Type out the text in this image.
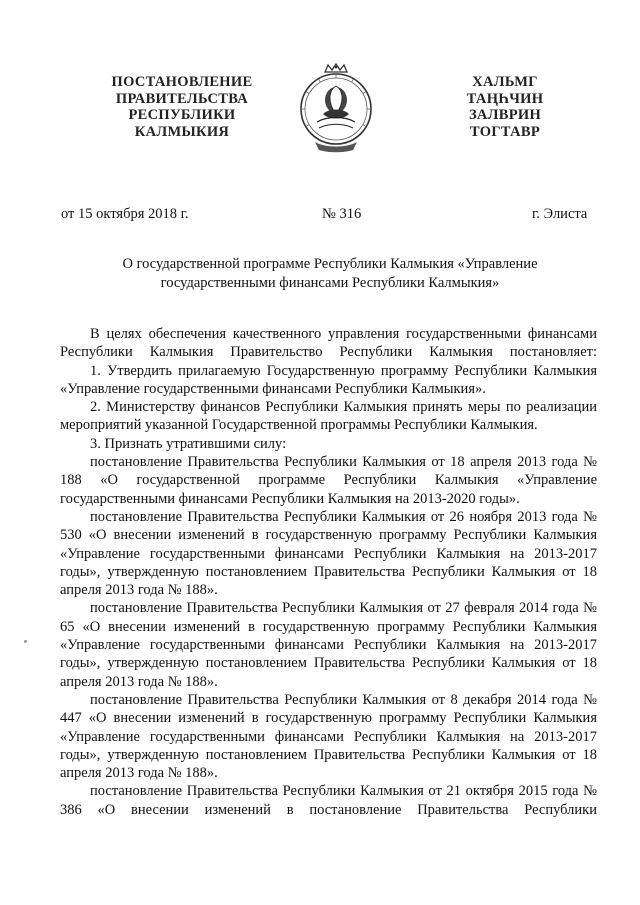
ПОСТАНОВЛЕНИЕ
ПРАВИТЕЛЬСТВА
РЕСПУБЛИКИ
КАЛМЫКИЯ
ХАЛЬМГ
ТАҢҺЧИН
ЗАЛВРИН
ТОГТАВР
от 15 октября 2018 г.	№ 316	г. Элиста
О государственной программе Республики Калмыкия «Управление
государственными финансами Республики Калмыкия»

В целях обеспечения качественного управления государственными финансами Республики Калмыкия Правительство Республики Калмыкия постановляет:

1. Утвердить прилагаемую Государственную программу Республики Калмыкия «Управление государственными финансами Республики Калмыкия».

2. Министерству финансов Республики Калмыкия принять меры по реализации мероприятий указанной Государственной программы Республики Калмыкия.

3. Признать утратившими силу:

постановление Правительства Республики Калмыкия от 18 апреля 2013 года № 188 «О государственной программе Республики Калмыкия «Управление государственными финансами Республики Калмыкия на 2013-2020 годы».

постановление Правительства Республики Калмыкия от 26 ноября 2013 года № 530 «О внесении изменений в государственную программу Республики Калмыкия «Управление государственными финансами Республики Калмыкия на 2013-2017 годы», утвержденную постановлением Правительства Республики Калмыкия от 18 апреля 2013 года № 188».

постановление Правительства Республики Калмыкия от 27 февраля 2014 года № 65 «О внесении изменений в государственную программу Республики Калмыкия «Управление государственными финансами Республики Калмыкия на 2013-2017 годы», утвержденную постановлением Правительства Республики Калмыкия от 18 апреля 2013 года № 188».

постановление Правительства Республики Калмыкия от 8 декабря 2014 года № 447 «О внесении изменений в государственную программу Республики Калмыкия «Управление государственными финансами Республики Калмыкия на 2013-2017 годы», утвержденную постановлением Правительства Республики Калмыкия от 18 апреля 2013 года № 188».

постановление Правительства Республики Калмыкия от 21 октября 2015 года № 386 «О внесении изменений в постановление Правительства Республики
